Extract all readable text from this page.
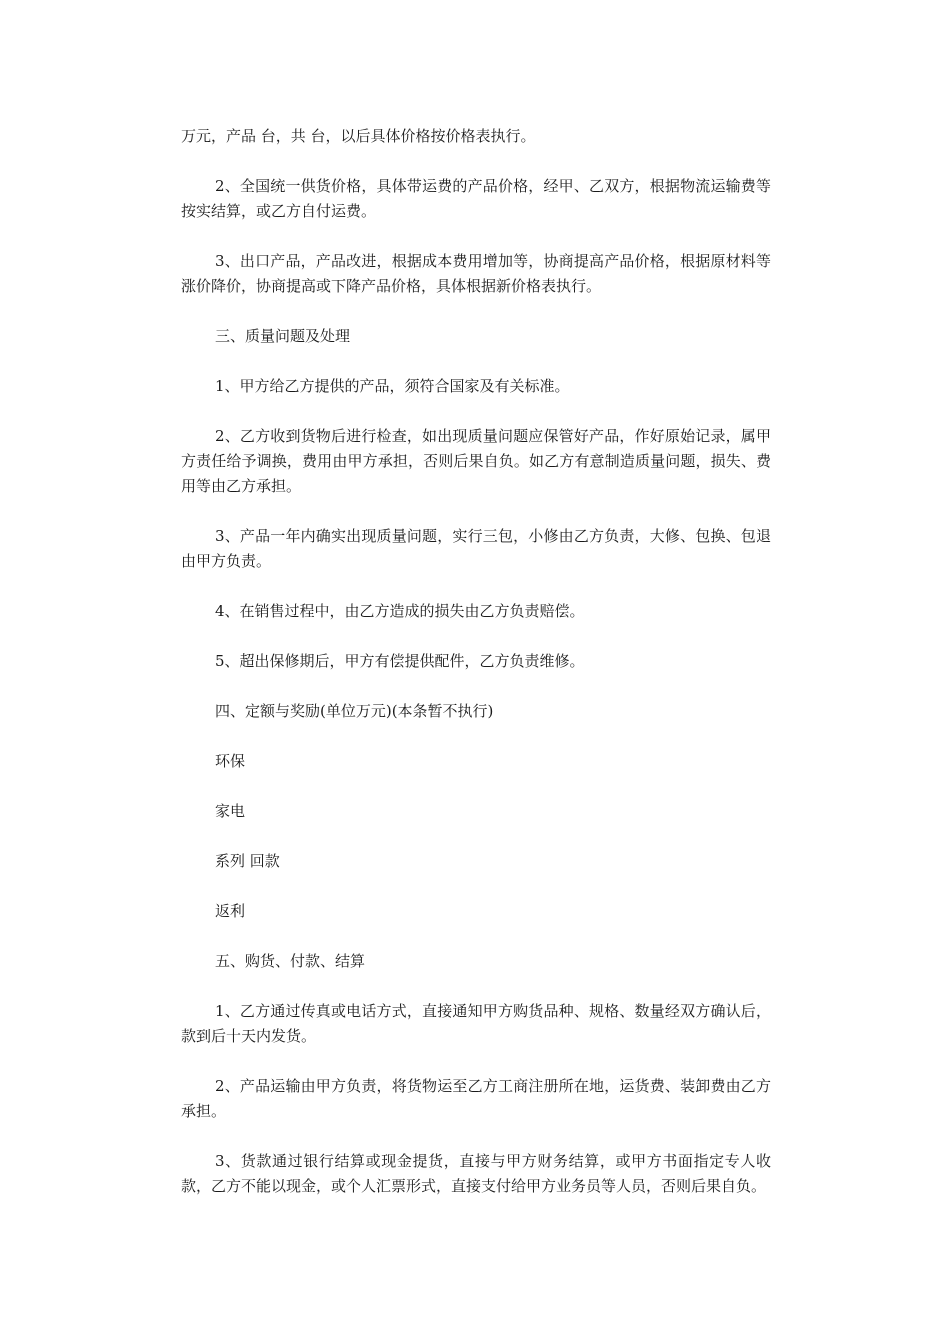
万元，产品 台，共 台，以后具体价格按价格表执行。

2、全国统一供货价格，具体带运费的产品价格，经甲、乙双方，根据物流运输费等按实结算，或乙方自付运费。

3、出口产品，产品改进，根据成本费用增加等，协商提高产品价格，根据原材料等涨价降价，协商提高或下降产品价格，具体根据新价格表执行。

三、质量问题及处理

1、甲方给乙方提供的产品，须符合国家及有关标准。

2、乙方收到货物后进行检查，如出现质量问题应保管好产品，作好原始记录，属甲方责任给予调换，费用由甲方承担，否则后果自负。如乙方有意制造质量问题，损失、费用等由乙方承担。

3、产品一年内确实出现质量问题，实行三包，小修由乙方负责，大修、包换、包退由甲方负责。

4、在销售过程中，由乙方造成的损失由乙方负责赔偿。

5、超出保修期后，甲方有偿提供配件，乙方负责维修。

四、定额与奖励(单位万元)(本条暂不执行)

环保

家电

系列 回款

返利

五、购货、付款、结算

1、乙方通过传真或电话方式，直接通知甲方购货品种、规格、数量经双方确认后，款到后十天内发货。

2、产品运输由甲方负责，将货物运至乙方工商注册所在地，运货费、装卸费由乙方承担。

3、货款通过银行结算或现金提货，直接与甲方财务结算，或甲方书面指定专人收款，乙方不能以现金，或个人汇票形式，直接支付给甲方业务员等人员，否则后果自负。
